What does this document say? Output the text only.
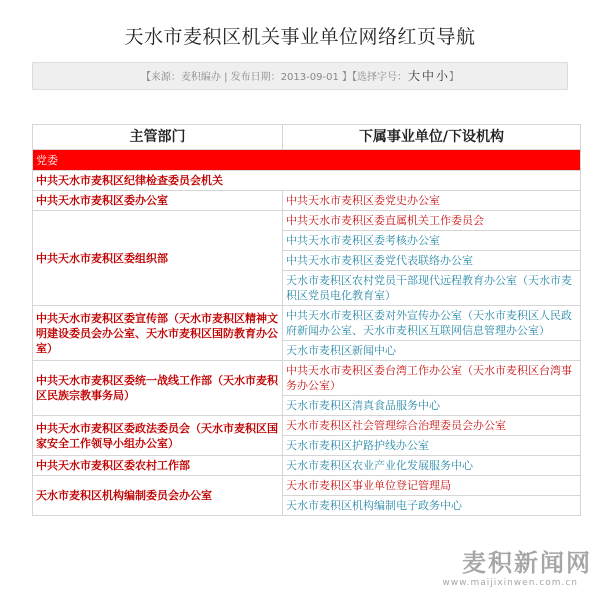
天水市麦积区机关事业单位网络红页导航
【来源：麦积编办 | 发布日期：2013-09-01 】【选择字号：大 中 小】
主管部门	下属事业单位/下设机构
党委	
中共天水市麦积区纪律检查委员会机关	
中共天水市麦积区委办公室	中共天水市麦积区委党史办公室
中共天水市麦积区委组织部	中共天水市麦积区委直属机关工作委员会
	中共天水市麦积区委考核办公室
	中共天水市麦积区委党代表联络办公室
	天水市麦积区农村党员干部现代远程教育办公室（天水市麦积区党员电化教育室）
中共天水市麦积区委宣传部（天水市麦积区精神文明建设委员会办公室、天水市麦积区国防教育办公室）	中共天水市麦积区委对外宣传办公室（天水市麦积区人民政府新闻办公室、天水市麦积区互联网信息管理办公室）
	天水市麦积区新闻中心
中共天水市麦积区委统一战线工作部（天水市麦积区民族宗教事务局）	中共天水市麦积区委台湾工作办公室（天水市麦积区台湾事务办公室）
	天水市麦积区清真食品服务中心
中共天水市麦积区委政法委员会（天水市麦积区国家安全工作领导小组办公室）	天水市麦积区社会管理综合治理委员会办公室
	天水市麦积区护路护线办公室
中共天水市麦积区委农村工作部	天水市麦积区农业产业化发展服务中心
天水市麦积区机构编制委员会办公室	天水市麦积区事业单位登记管理局
	天水市麦积区机构编制电子政务中心
麦积新闻网
www.maijixinwen.com.cn
